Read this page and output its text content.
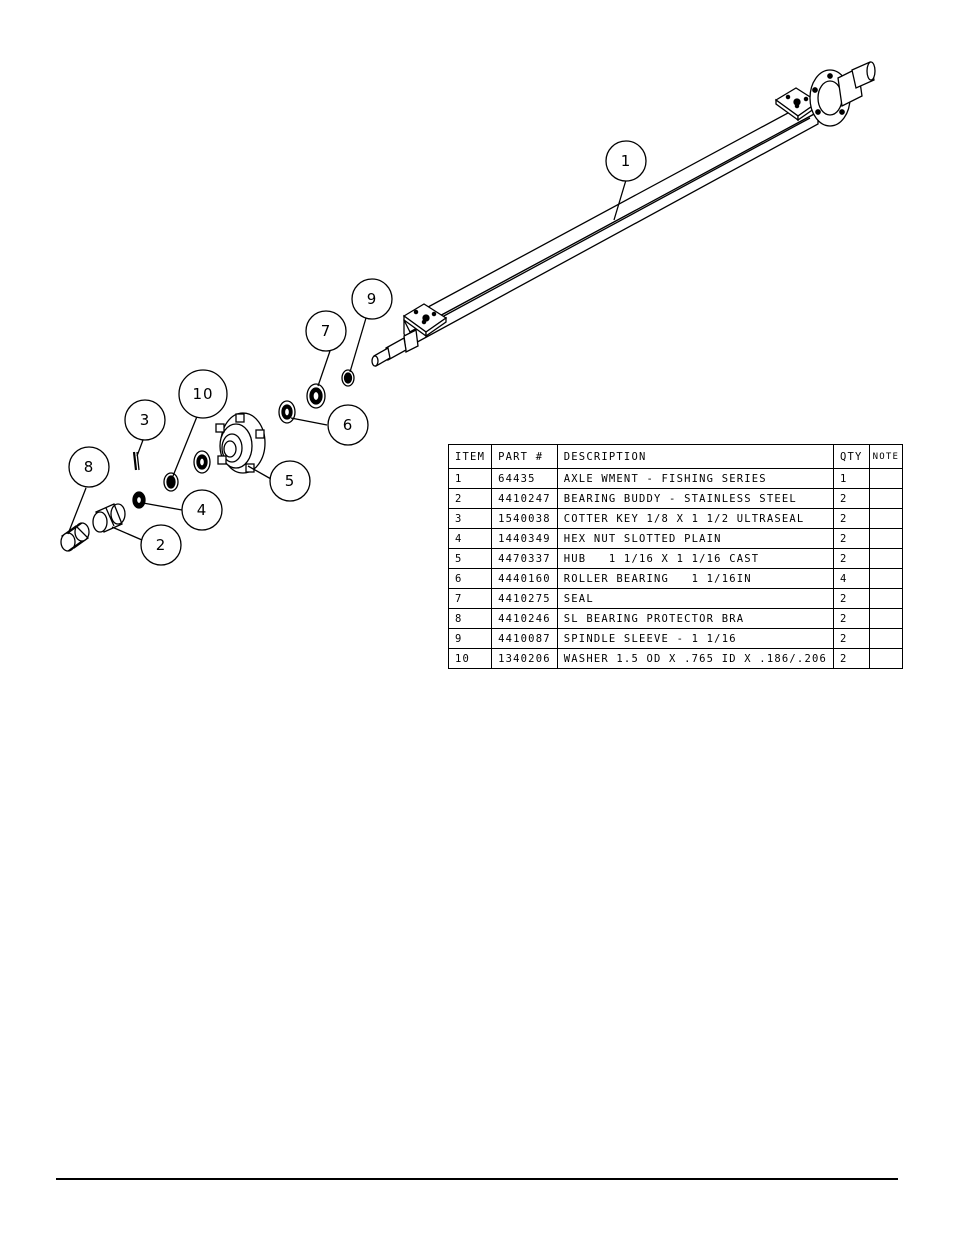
1
9
7
10
6
3
5
8
4
2
ITEM	PART #	DESCRIPTION	QTY	NOTE
1	64435	AXLE WMENT - FISHING SERIES	1	
2	4410247	BEARING BUDDY - STAINLESS STEEL	2	
3	1540038	COTTER KEY 1/8 X 1 1/2 ULTRASEAL	2	
4	1440349	HEX NUT SLOTTED PLAIN	2	
5	4470337	HUB   1 1/16 X 1 1/16 CAST	2	
6	4440160	ROLLER BEARING   1 1/16IN	4	
7	4410275	SEAL	2	
8	4410246	SL BEARING PROTECTOR BRA	2	
9	4410087	SPINDLE SLEEVE - 1 1/16	2	
10	1340206	WASHER 1.5 OD X .765 ID X .186/.206	2	
